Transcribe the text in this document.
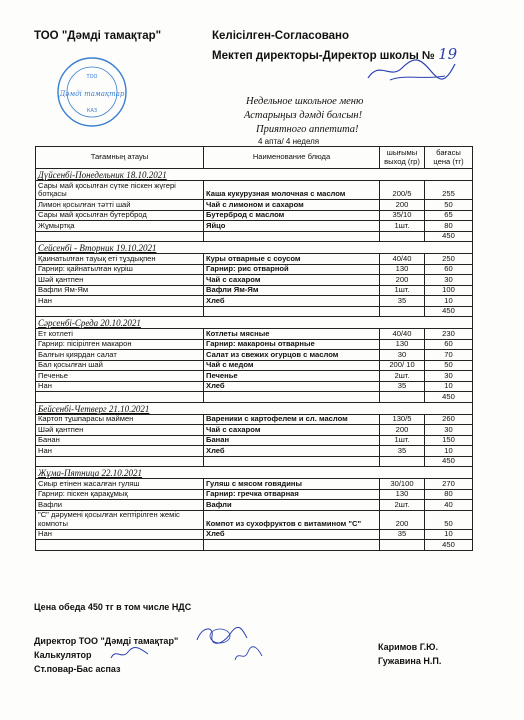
ТОО "Дәмді тамақтар"	Келісілген-Согласовано
Мектеп директоры-Директор школы № 19
ТОО
Дәмді тамақтар
КАЗ
Недельное школьное меню
Астарыңыз дәмді болсын!
Приятного аппетита!
4 апта/ 4 неделя
Тағамның атауы	Наименование блюда	шығымы выход (гр)	бағасы цена (тг)
Дүйсенбі-Понедельник 18.10.2021			
Сары май қосылған сүтке піскен жүгері ботқасы	Каша кукурузная молочная с маслом	200/5	255
Лимон қосылған тәтті шай	Чай с лимоном и сахаром	200	50
Сары май қосылған бутерброд	Бутерброд с маслом	35/10	65
Жұмыртқа	Яйцо	1шт.	80
			450
Сейсенбі - Вторник 19.10.2021			
Қаинатылған тауық еті тұздықпен	Куры отварные с соусом	40/40	250
Гарнир: қайнатылған күріш	Гарнир: рис отварной	130	60
Шәй қантпен	Чай с сахаром	200	30
Вафли Ям-Ям	Вафли Ям-Ям	1шт.	100
Нан	Хлеб	35	10
			450
Сәрсенбі-Среда 20.10.2021			
Ет котлеті	Котлеты мясные	40/40	230
Гарнир: пісірілген макарон	Гарнир: макароны отварные	130	60
Балғын қиярдан салат	Салат из свежих огурцов с маслом	30	70
Бал қосылған шай	Чай с медом	200/ 10	50
Печенье	Печенье	2шт.	30
Нан	Хлеб	35	10
			450
Бейсенбі-Четверг 21.10.2021			
Картоп тұшпарасы маймен	Вареники с картофелем и сл. маслом	130/5	260
Шәй қантпен	Чай с сахаром	200	30
Банан	Банан	1шт.	150
Нан	Хлеб	35	10
			450
Жұма-Пятница 22.10.2021			
Сиыр етінен жасалған гуляш	Гуляш с мясом говядины	30/100	270
Гарнир: піскен қарақұмық	Гарнир: гречка отварная	130	80
Вафли	Вафли	2шт.	40
"С" дәрумені қосылған кептірілген жеміс компоты	Компот из сухофруктов с витамином "С"	200	50
Нан	Хлеб	35	10
			450
Цена обеда 450 тг в том числе НДС
Директор ТОО "Дәмді тамақтар"
Калькулятор
Ст.повар-Бас аспаз
Каримов Г.Ю.
Гужавина Н.П.
